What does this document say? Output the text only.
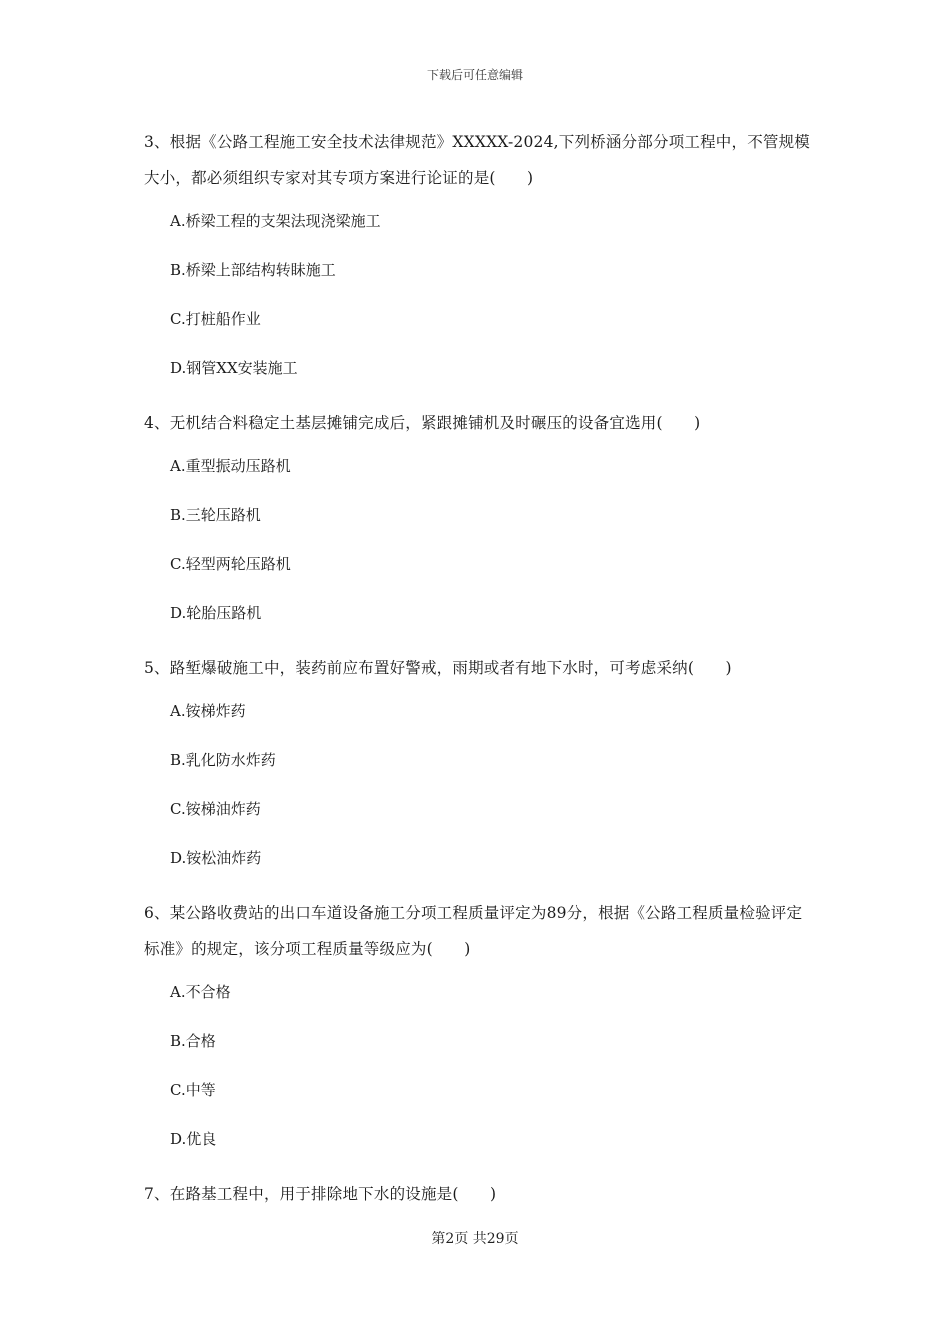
下载后可任意编辑

3、根据《公路工程施工安全技术法律规范》XXXXX-2024,下列桥涵分部分项工程中，不管规模大小，都必须组织专家对其专项方案进行论证的是(　　)

A.桥梁工程的支架法现浇梁施工
B.桥梁上部结构转眛施工
C.打桩船作业
D.钢管XX安装施工

4、无机结合料稳定土基层摊铺完成后，紧跟摊铺机及时碾压的设备宜选用(　　)

A.重型振动压路机
B.三轮压路机
C.轻型两轮压路机
D.轮胎压路机

5、路堑爆破施工中，装药前应布置好警戒，雨期或者有地下水时，可考虑采纳(　　)

A.铵梯炸药
B.乳化防水炸药
C.铵梯油炸药
D.铵松油炸药

6、某公路收费站的出口车道设备施工分项工程质量评定为89分，根据《公路工程质量检验评定标准》的规定，该分项工程质量等级应为(　　)

A.不合格
B.合格
C.中等
D.优良

7、在路基工程中，用于排除地下水的设施是(　　)

第2页 共29页
